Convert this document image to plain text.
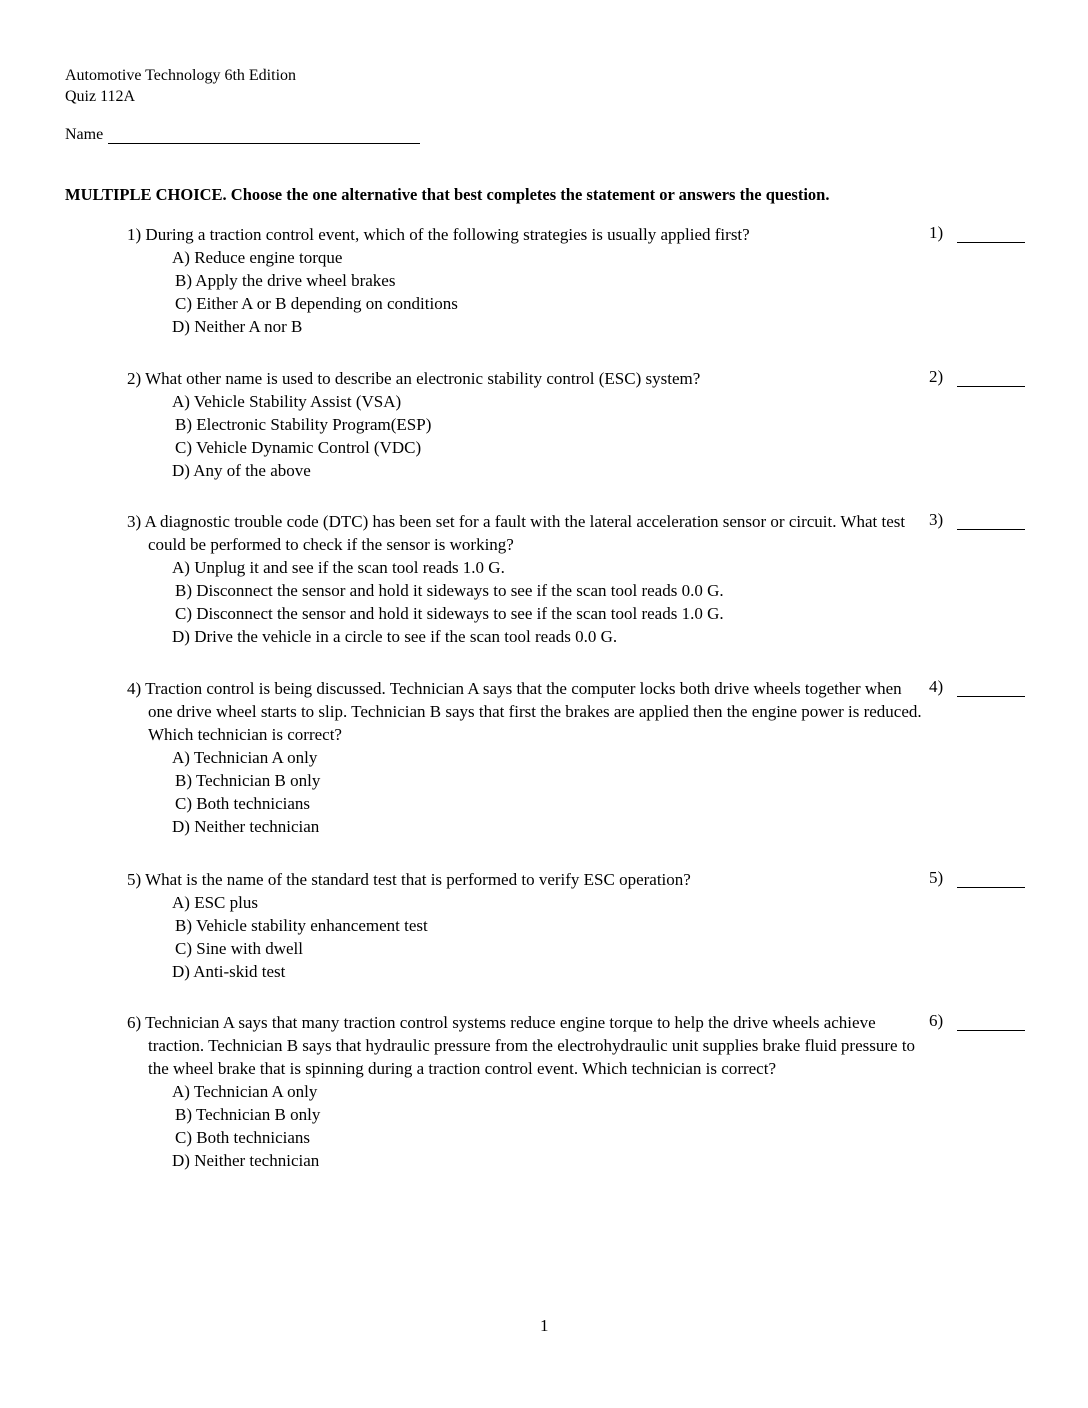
Automotive Technology 6th Edition
Quiz 112A
Name
MULTIPLE CHOICE. Choose the one alternative that best completes the statement or answers the question.
1) During a traction control event, which of the following strategies is usually applied first?
A) Reduce engine torque
B) Apply the drive wheel brakes
C) Either A or B depending on conditions
D) Neither A nor B
2) What other name is used to describe an electronic stability control (ESC) system?
A) Vehicle Stability Assist (VSA)
B) Electronic Stability Program(ESP)
C) Vehicle Dynamic Control (VDC)
D) Any of the above
3) A diagnostic trouble code (DTC) has been set for a fault with the lateral acceleration sensor or circuit. What test could be performed to check if the sensor is working?
A) Unplug it and see if the scan tool reads 1.0 G.
B) Disconnect the sensor and hold it sideways to see if the scan tool reads 0.0 G.
C) Disconnect the sensor and hold it sideways to see if the scan tool reads 1.0 G.
D) Drive the vehicle in a circle to see if the scan tool reads 0.0 G.
4) Traction control is being discussed. Technician A says that the computer locks both drive wheels together when one drive wheel starts to slip. Technician B says that first the brakes are applied then the engine power is reduced. Which technician is correct?
A) Technician A only
B) Technician B only
C) Both technicians
D) Neither technician
5) What is the name of the standard test that is performed to verify ESC operation?
A) ESC plus
B) Vehicle stability enhancement test
C) Sine with dwell
D) Anti-skid test
6) Technician A says that many traction control systems reduce engine torque to help the drive wheels achieve traction. Technician B says that hydraulic pressure from the electrohydraulic unit supplies brake fluid pressure to the wheel brake that is spinning during a traction control event. Which technician is correct?
A) Technician A only
B) Technician B only
C) Both technicians
D) Neither technician
1
1)
2)
3)
4)
5)
6)
